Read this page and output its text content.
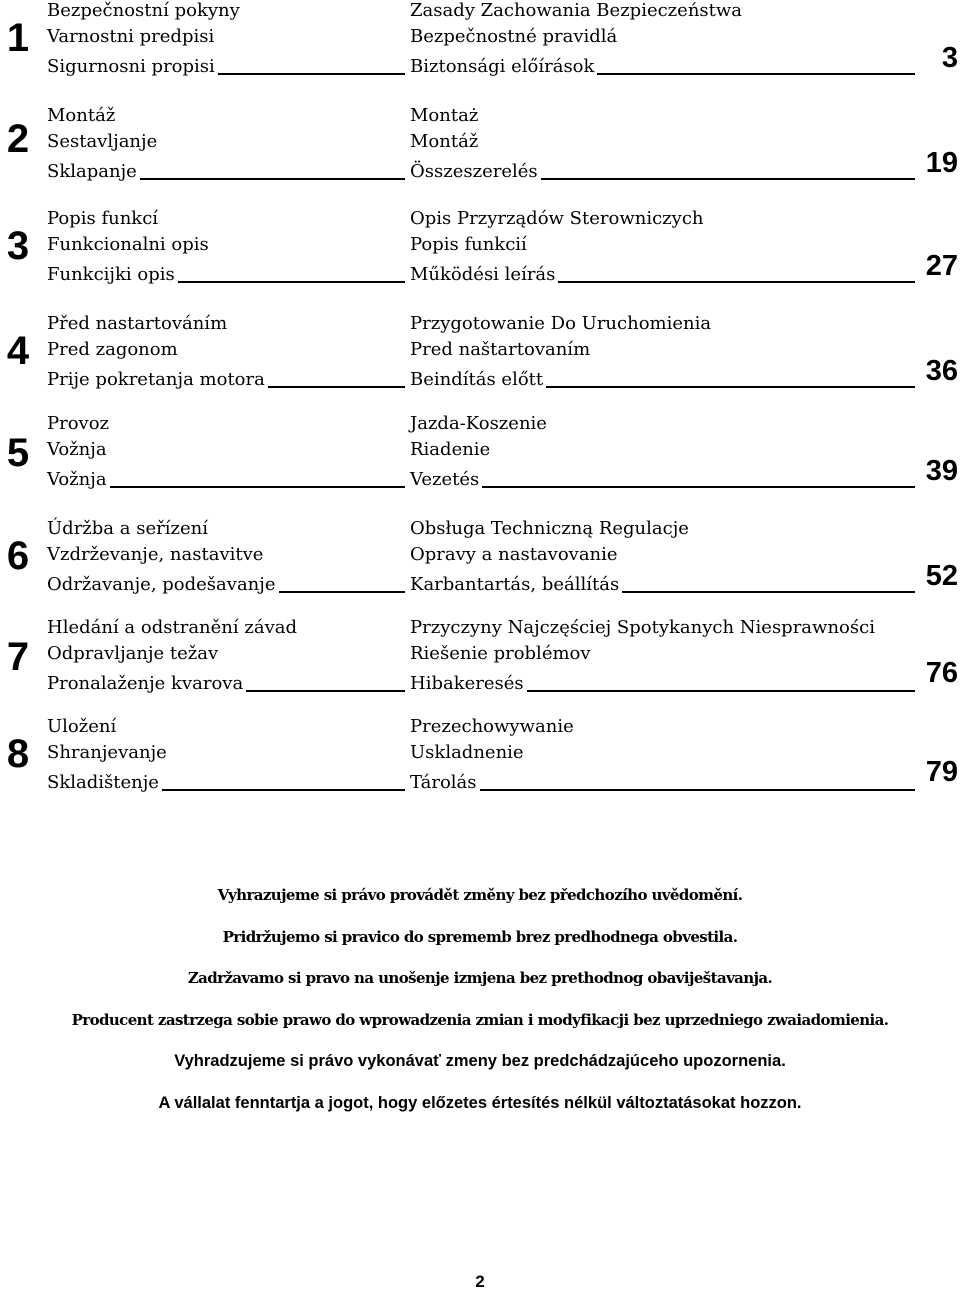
1
Bezpečnostní pokyny
Varnostni predpisi
Sigurnosni propisi
Zasady Zachowania Bezpieczeństwa
Bezpečnostné pravidlá
Biztonsági előírások	3
2
Montáž
Sestavljanje
Sklapanje
Montaż
Montáž
Összeszerelés	19
3
Popis funkcí
Funkcionalni opis
Funkcijki opis
Opis Przyrządów Sterowniczych
Popis funkcií
Működési leírás	27
4
Před nastartováním
Pred zagonom
Prije pokretanja motora
Przygotowanie Do Uruchomienia
Pred naštartovaním
Beindítás előtt	36
5
Provoz
Vožnja
Vožnja
Jazda-Koszenie
Riadenie
Vezetés	39
6
Údržba a seřízení
Vzdrževanje, nastavitve
Održavanje, podešavanje
Obsługa Techniczną Regulacje
Opravy a nastavovanie
Karbantartás, beállítás	52
7
Hledání a odstranění závad
Odpravljanje težav
Pronalaženje kvarova
Przyczyny Najczęściej Spotykanych Niesprawności
Riešenie problémov
Hibakeresés	76
8
Uložení
Shranjevanje
Skladištenje
Prezechowywanie
Uskladnenie
Tárolás	79
Vyhrazujeme si právo provádět změny bez předchozího uvědomění.
Pridržujemo si pravico do sprememb brez predhodnega obvestila.
Zadržavamo si pravo na unošenje izmjena bez prethodnog obaviještavanja.
Producent zastrzega sobie prawo do wprowadzenia zmian i modyfikacji bez uprzedniego zwaiadomienia.
Vyhradzujeme si právo vykonávať zmeny bez predchádzajúceho upozornenia.
A vállalat fenntartja a jogot, hogy előzetes értesítés nélkül változtatásokat hozzon.
2
